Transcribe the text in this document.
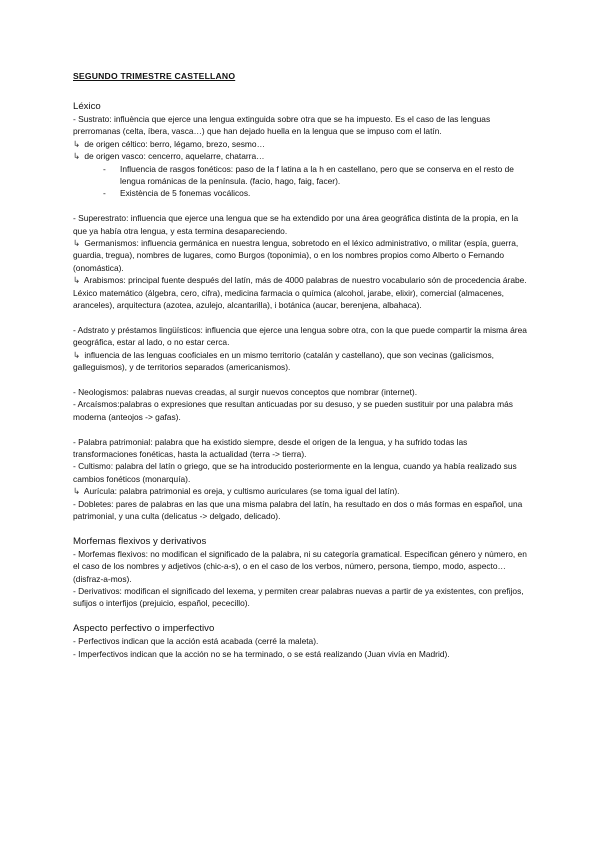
SEGUNDO TRIMESTRE CASTELLANO

Léxico

- Sustrato: influència que ejerce una lengua extinguida sobre otra que se ha impuesto. Es el caso de las lenguas prerromanas (celta, íbera, vasca…) que han dejado huella en la lengua que se impuso com el latín.

↳ de origen céltico: berro, légamo, brezo, sesmo…

↳ de origen vasco: cencerro, aquelarre, chatarra…

- Influencia de rasgos fonéticos: paso de la f latina a la h en castellano, pero que se conserva en el resto de lengua románicas de la península. (facio, hago, faig, facer).
- Existència de 5 fonemas vocálicos.

- Superestrato: influencia que ejerce una lengua que se ha extendido por una área geográfica distinta de la propia, en la que ya había otra lengua, y esta termina desapareciendo.

↳ Germanismos: influencia germánica en nuestra lengua, sobretodo en el léxico administrativo, o militar (espía, guerra, guardia, tregua), nombres de lugares, como Burgos (toponimia), o en los nombres propios como Alberto o Fernando (onomástica).

↳ Arabismos: principal fuente después del latín, más de 4000 palabras de nuestro vocabulario són de procedencia árabe. Léxico matemático (álgebra, cero, cifra), medicina farmacia o química (alcohol, jarabe, elixir), comercial (almacenes, aranceles), arquitectura (azotea, azulejo, alcantarilla), i botánica (aucar, berenjena, albahaca).

- Adstrato y préstamos lingüísticos: influencia que ejerce una lengua sobre otra, con la que puede compartir la misma área geográfica, estar al lado, o no estar cerca.

↳ influencia de las lenguas cooficiales en un mismo territorio (catalán y castellano), que son vecinas (galicismos, galleguismos), y de territorios separados (americanismos).

- Neologismos: palabras nuevas creadas, al surgir nuevos conceptos que nombrar (internet).

- Arcaísmos:palabras o expresiones que resultan anticuadas por su desuso, y se pueden sustituir por una palabra más moderna (anteojos -> gafas).

- Palabra patrimonial: palabra que ha existido siempre, desde el origen de la lengua, y ha sufrido todas las transformaciones fonéticas, hasta la actualidad (terra -> tierra).

- Cultismo: palabra del latín o griego, que se ha introducido posteriormente en la lengua, cuando ya había realizado sus cambios fonéticos (monarquía).

↳ Aurícula: palabra patrimonial es oreja, y cultismo auriculares (se toma igual del latín).

- Dobletes: pares de palabras en las que una misma palabra del latín, ha resultado en dos o más formas en español, una patrimonial, y una culta (delicatus -> delgado, delicado).

Morfemas flexivos y derivativos

- Morfemas flexivos: no modifican el significado de la palabra, ni su categoría gramatical. Especifican género y número, en el caso de los nombres y adjetivos (chic-a-s), o en el caso de los verbos, número, persona, tiempo, modo, aspecto… (disfraz-a-mos).

- Derivativos: modifican el significado del lexema, y permiten crear palabras nuevas a partir de ya existentes, con prefijos, sufijos o interfijos (prejuicio, español, pececillo).

Aspecto perfectivo o imperfectivo

- Perfectivos indican que la acción está acabada (cerré la maleta).

- Imperfectivos indican que la acción no se ha terminado, o se está realizando (Juan vivía en Madrid).
